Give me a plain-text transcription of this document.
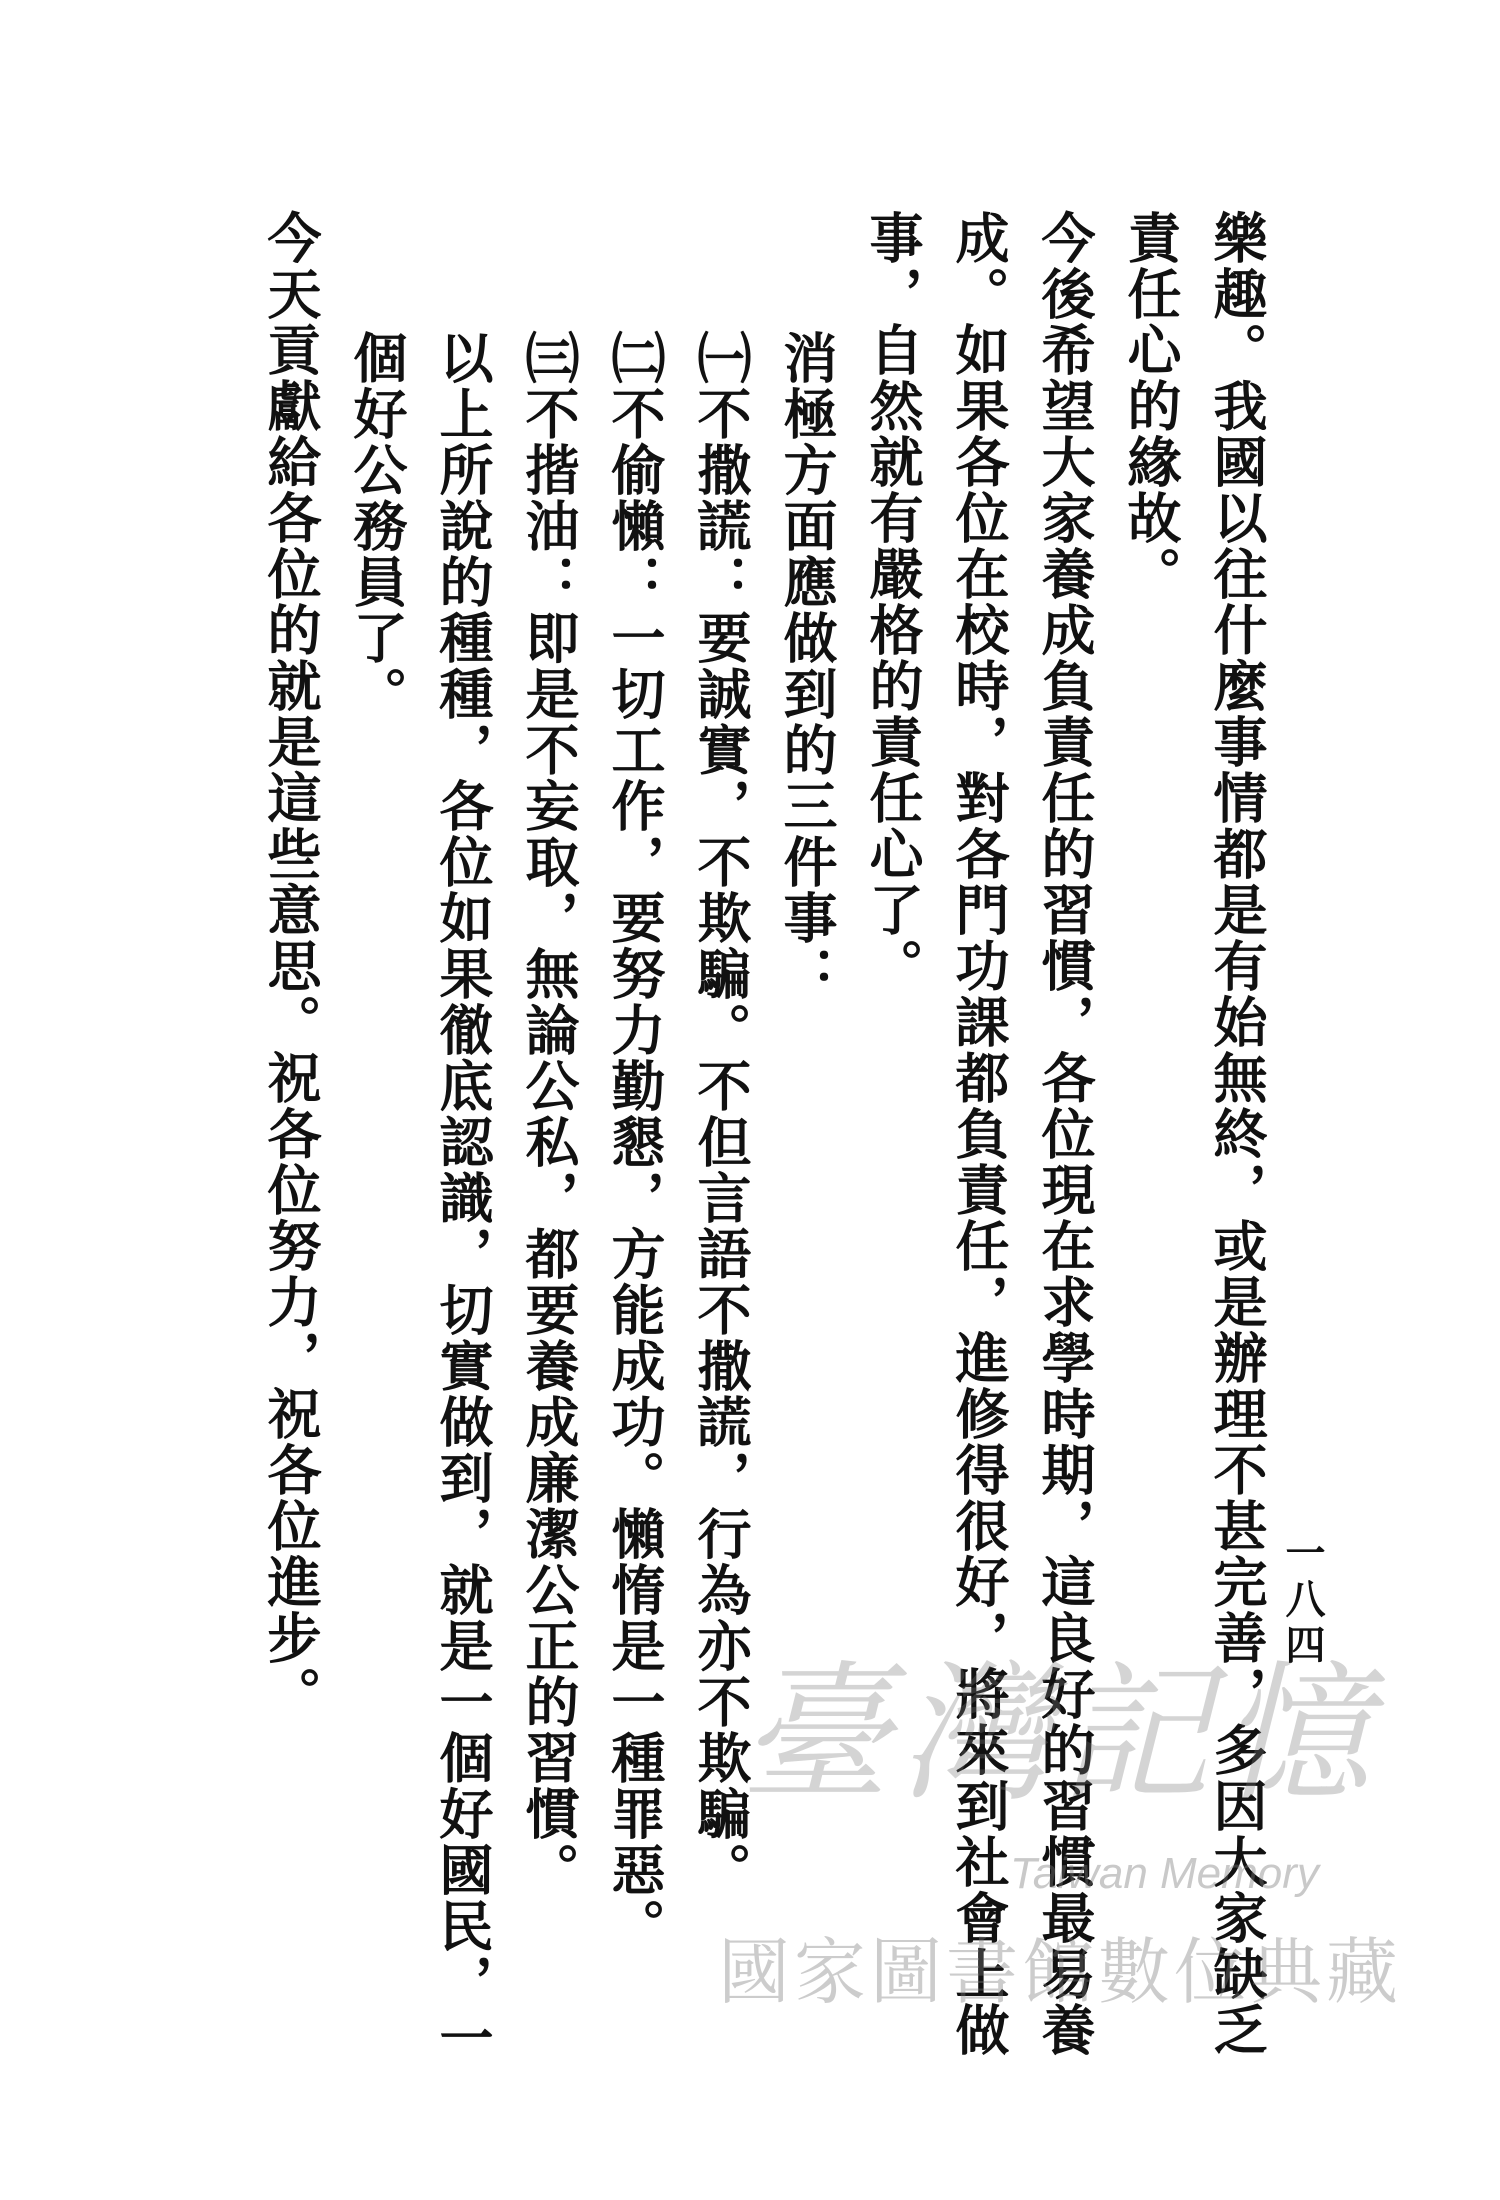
一八四

樂趣。我國以往什麼事情都是有始無終，或是辦理不甚完善，多因大家缺乏責任心的緣故。

今後希望大家養成負責任的習慣，各位現在求學時期，這良好的習慣最易養成。如果各位在校時，對各門功課都負責任，進修得很好，將來到社會上做事，自然就有嚴格的責任心了。

消極方面應做到的三件事：

㈠不撒謊：要誠實，不欺騙。不但言語不撒謊，行為亦不欺騙。

㈡不偷懶：一切工作，要努力勤懇，方能成功。懶惰是一種罪惡。

㈢不揩油：即是不妄取，無論公私，都要養成廉潔公正的習慣。

以上所說的種種，各位如果徹底認識，切實做到，就是一個好國民，一個好公務員了。

今天貢獻給各位的就是這些意思。祝各位努力，祝各位進步。

臺灣記憶
Taiwan Memory
國家圖書館數位典藏
